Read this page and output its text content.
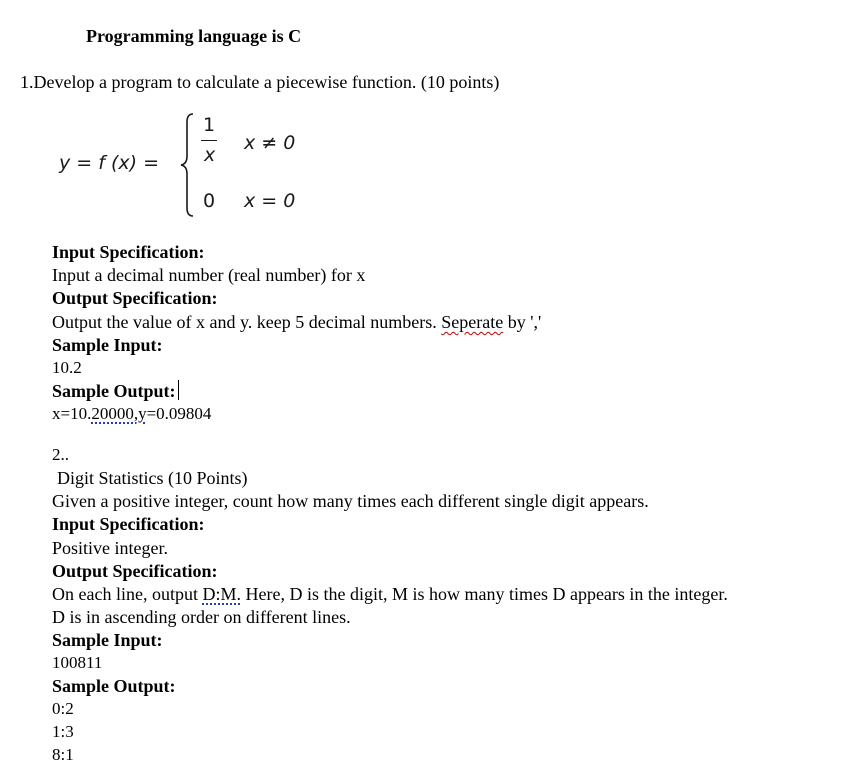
Programming language is C
1.Develop a program to calculate a piecewise function. (10 points)
y = f (x) =
1
x
x ≠ 0
0 x = 0
Input Specification:
Input a decimal number (real number) for x
Output Specification:
Output the value of x and y. keep 5 decimal numbers. Seperate by ','
Sample Input:
10.2
Sample Output:
x=10.20000,y=0.09804
2..
Digit Statistics (10 Points)
Given a positive integer, count how many times each different single digit appears.
Input Specification:
Positive integer.
Output Specification:
On each line, output D:M. Here, D is the digit, M is how many times D appears in the integer.
D is in ascending order on different lines.
Sample Input:
100811
Sample Output:
0:2
1:3
8:1
